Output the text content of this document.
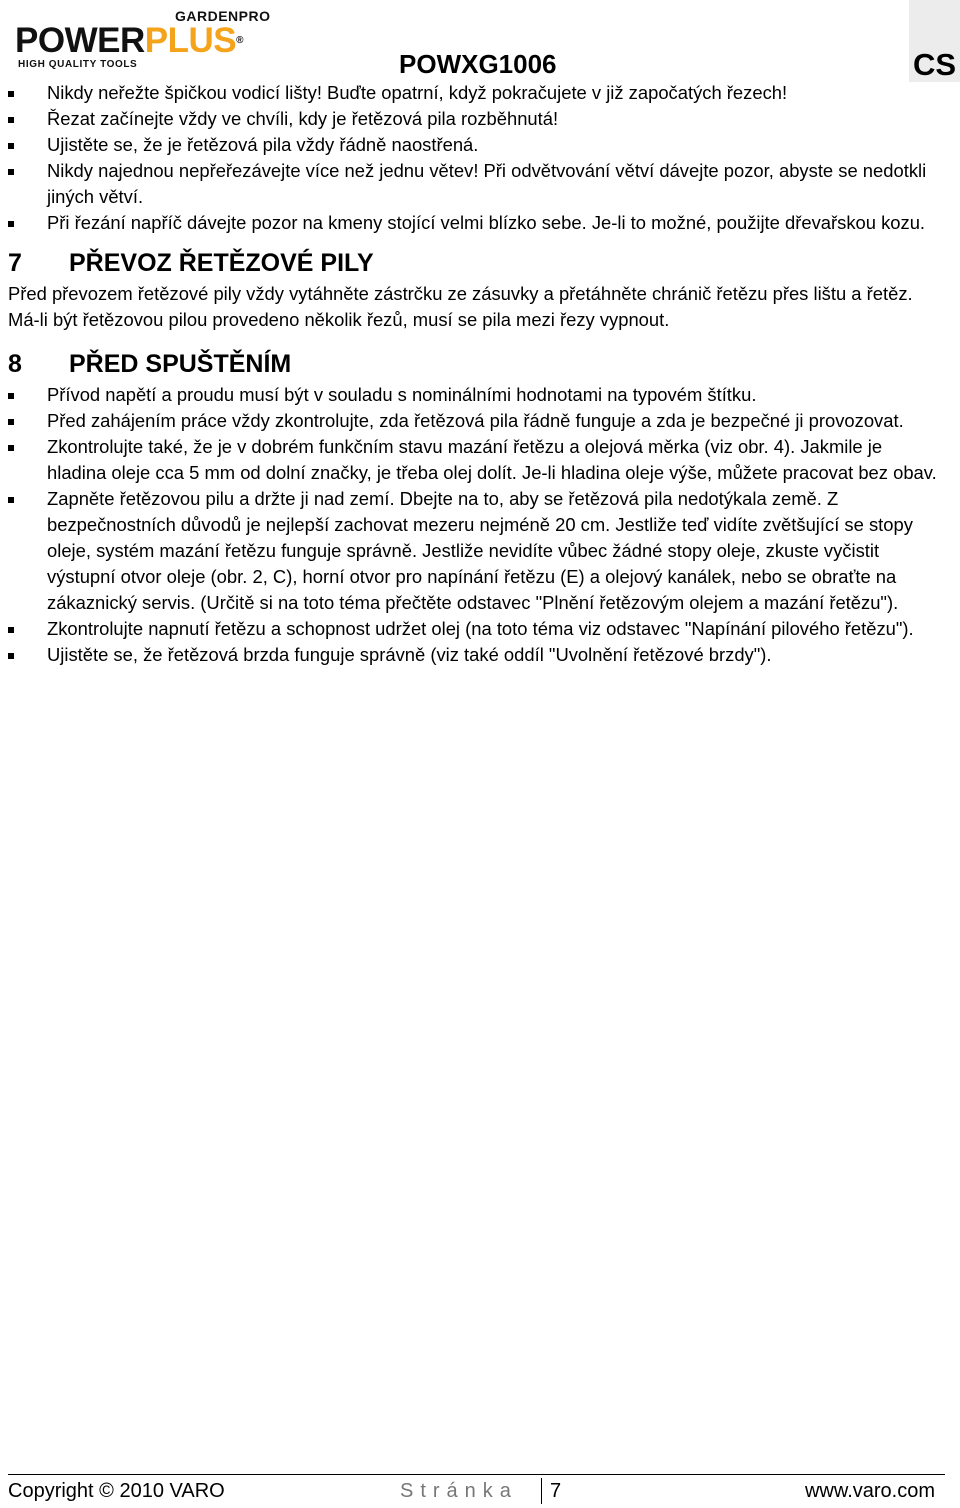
GARDENPRO
POWERPLUS®
HIGH QUALITY TOOLS	POWXG1006	CS
Nikdy neřežte špičkou vodicí lišty! Buďte opatrní, když pokračujete v již započatých řezech!
Řezat začínejte vždy ve chvíli, kdy je řetězová pila rozběhnutá!
Ujistěte se, že je řetězová pila vždy řádně naostřená.
Nikdy najednou nepřeřezávejte více než jednu větev! Při odvětvování větví dávejte pozor, abyste se nedotkli jiných větví.
Při řezání napříč dávejte pozor na kmeny stojící velmi blízko sebe. Je-li to možné, použijte dřevařskou kozu.
7 PŘEVOZ ŘETĚZOVÉ PILY

Před převozem řetězové pily vždy vytáhněte zástrčku ze zásuvky a přetáhněte chránič řetězu přes lištu a řetěz. Má-li být řetězovou pilou provedeno několik řezů, musí se pila mezi řezy vypnout.

8 PŘED SPUŠTĚNÍM
Přívod napětí a proudu musí být v souladu s nominálními hodnotami na typovém štítku.
Před zahájením práce vždy zkontrolujte, zda řetězová pila řádně funguje a zda je bezpečné ji provozovat.
Zkontrolujte také, že je v dobrém funkčním stavu mazání řetězu a olejová měrka (viz obr. 4). Jakmile je hladina oleje cca 5 mm od dolní značky, je třeba olej dolít. Je-li hladina oleje výše, můžete pracovat bez obav.
Zapněte řetězovou pilu a držte ji nad zemí. Dbejte na to, aby se řetězová pila nedotýkala země. Z bezpečnostních důvodů je nejlepší zachovat mezeru nejméně 20 cm. Jestliže teď vidíte zvětšující se stopy oleje, systém mazání řetězu funguje správně. Jestliže nevidíte vůbec žádné stopy oleje, zkuste vyčistit výstupní otvor oleje (obr. 2, C), horní otvor pro napínání řetězu (E) a olejový kanálek, nebo se obraťte na zákaznický servis. (Určitě si na toto téma přečtěte odstavec "Plnění řetězovým olejem a mazání řetězu").
Zkontrolujte napnutí řetězu a schopnost udržet olej (na toto téma viz odstavec "Napínání pilového řetězu").
Ujistěte se, že řetězová brzda funguje správně (viz také oddíl "Uvolnění řetězové brzdy").
Copyright © 2010 VARO	Stránka	7	www.varo.com
